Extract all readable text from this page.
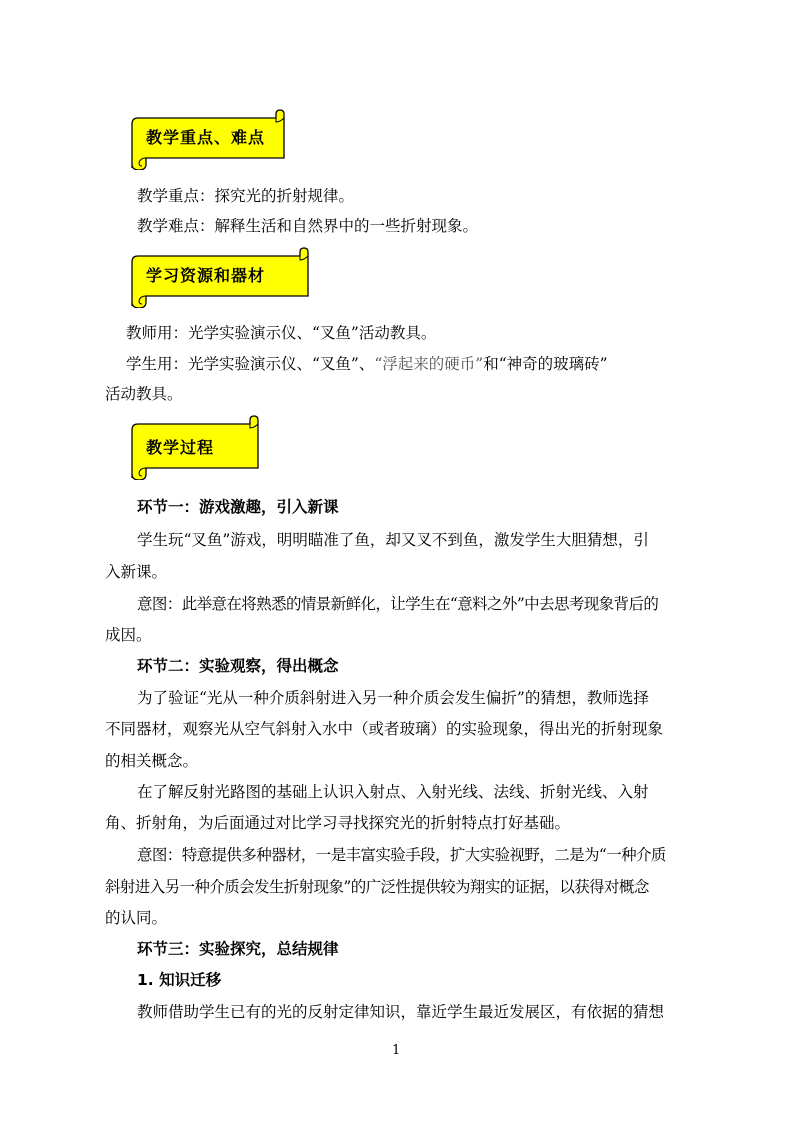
教学重点、难点
教学重点：探究光的折射规律。
教学难点：解释生活和自然界中的一些折射现象。
学习资源和器材
教师用：光学实验演示仪、“叉鱼”活动教具。
学生用：光学实验演示仪、“叉鱼”、“浮起来的硬币”和“神奇的玻璃砖”
活动教具。
教学过程
环节一：游戏激趣，引入新课
学生玩“叉鱼”游戏，明明瞄准了鱼，却又叉不到鱼，激发学生大胆猜想，引
入新课。
意图：此举意在将熟悉的情景新鲜化，让学生在“意料之外”中去思考现象背后的
成因。
环节二：实验观察，得出概念
为了验证“光从一种介质斜射进入另一种介质会发生偏折”的猜想，教师选择
不同器材，观察光从空气斜射入水中（或者玻璃）的实验现象，得出光的折射现象
的相关概念。
在了解反射光路图的基础上认识入射点、入射光线、法线、折射光线、入射
角、折射角，为后面通过对比学习寻找探究光的折射特点打好基础。
意图：特意提供多种器材，一是丰富实验手段，扩大实验视野，二是为“一种介质
斜射进入另一种介质会发生折射现象”的广泛性提供较为翔实的证据，以获得对概念
的认同。
环节三：实验探究，总结规律
1. 知识迁移
教师借助学生已有的光的反射定律知识，靠近学生最近发展区，有依据的猜想
1
